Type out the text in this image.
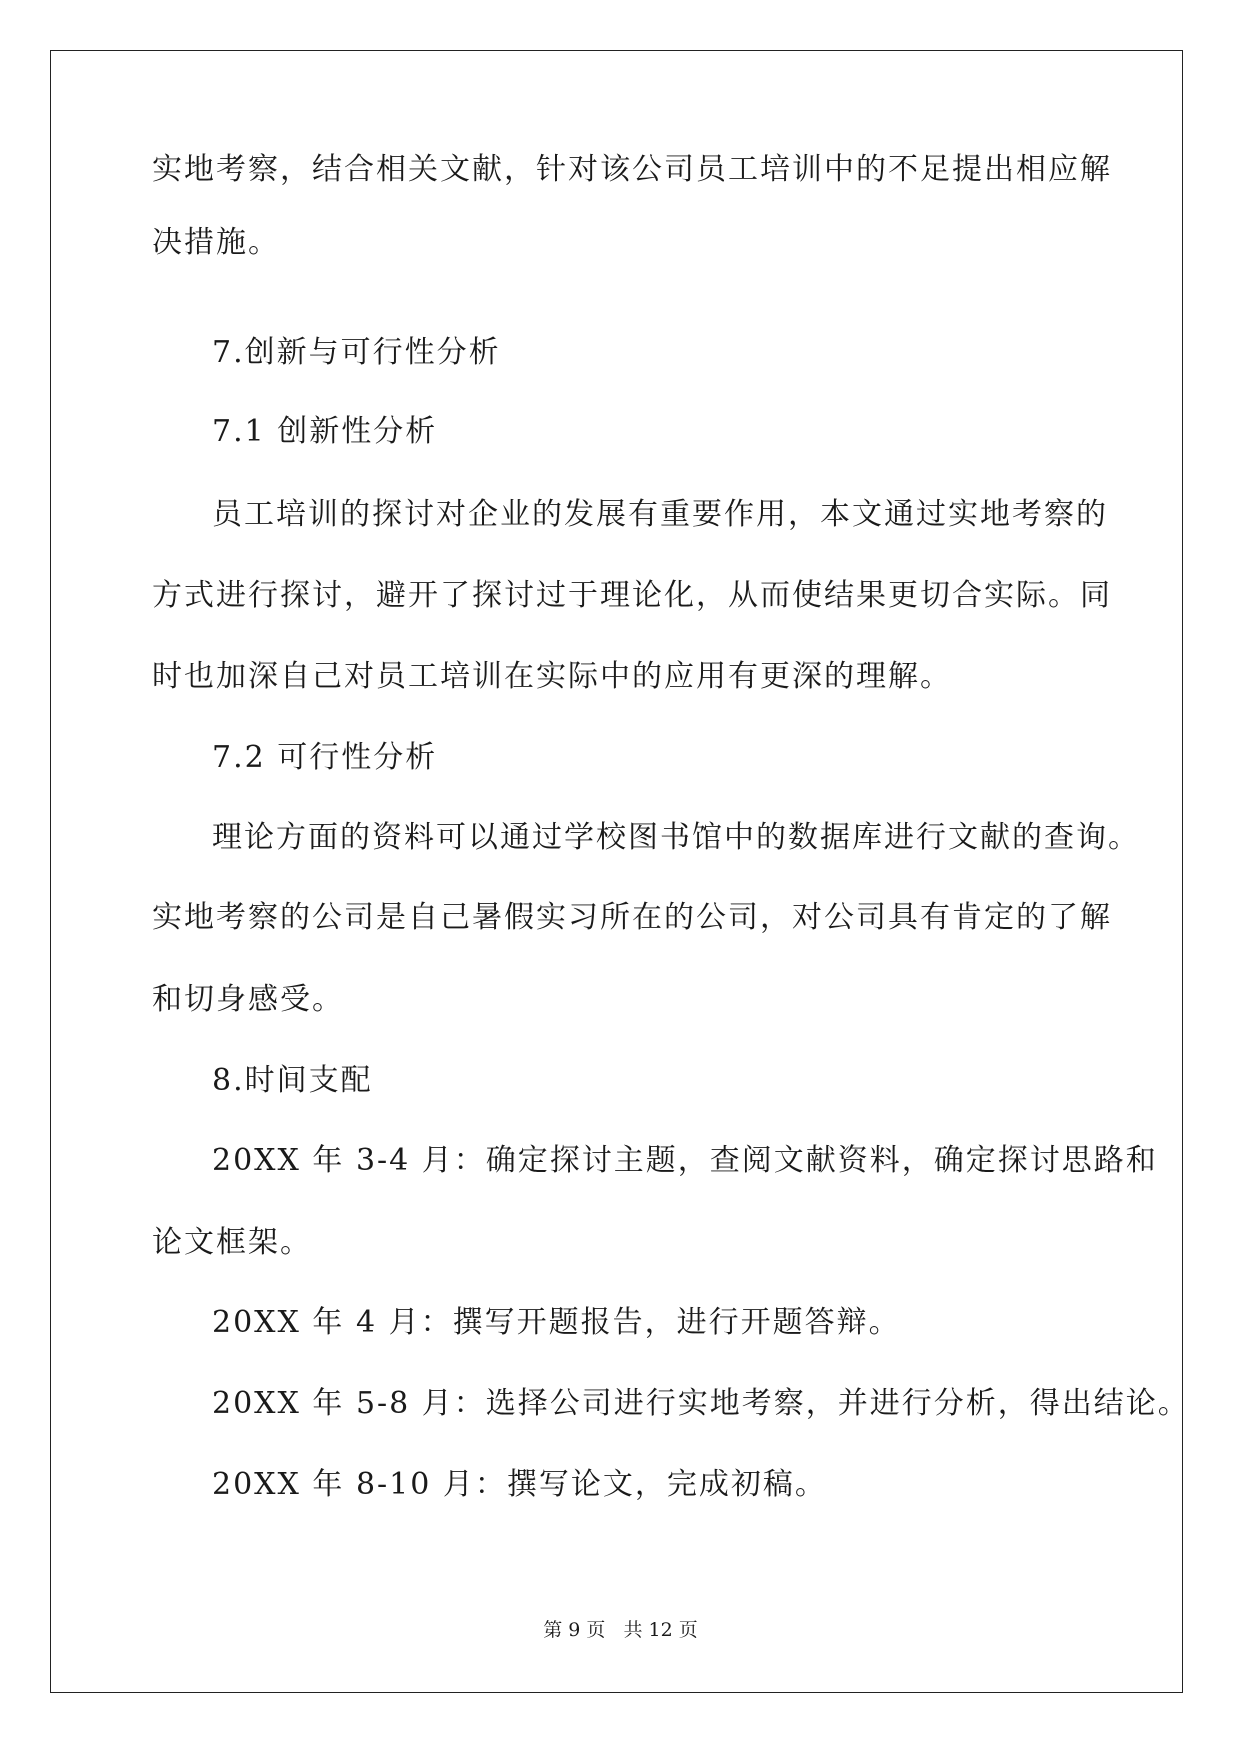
实地考察，结合相关文献，针对该公司员工培训中的不足提出相应解
决措施。
7.创新与可行性分析
7.1 创新性分析
员工培训的探讨对企业的发展有重要作用，本文通过实地考察的
方式进行探讨，避开了探讨过于理论化，从而使结果更切合实际。同
时也加深自己对员工培训在实际中的应用有更深的理解。
7.2 可行性分析
理论方面的资料可以通过学校图书馆中的数据库进行文献的查询。
实地考察的公司是自己暑假实习所在的公司，对公司具有肯定的了解
和切身感受。
8.时间支配
20XX 年 3-4 月：确定探讨主题，查阅文献资料，确定探讨思路和
论文框架。
20XX 年 4 月：撰写开题报告，进行开题答辩。
20XX 年 5-8 月：选择公司进行实地考察，并进行分析，得出结论。
20XX 年 8-10 月：撰写论文，完成初稿。
第 9 页   共 12 页
